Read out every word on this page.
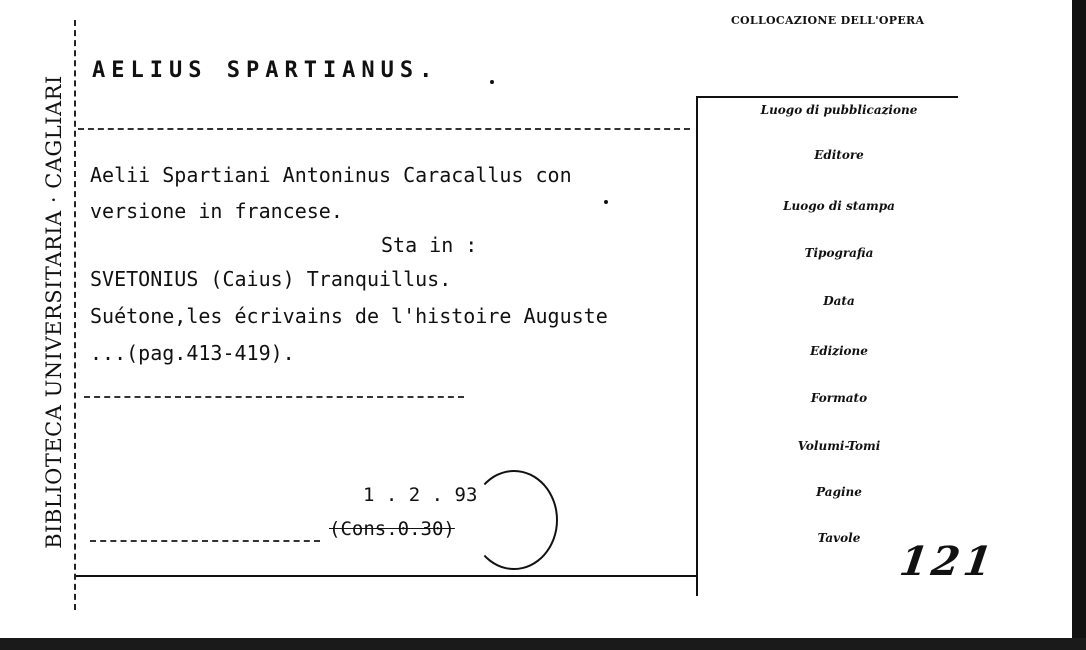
BIBLIOTECA UNIVERSITARIA · CAGLIARI
COLLOCAZIONE DELL'OPERA
AELIUS SPARTIANUS.
Aelii Spartiani Antoninus Caracallus con
versione in francese.
Sta in :
SVETONIUS (Caius) Tranquillus.
Suétone,les écrivains de l'histoire Auguste
...(pag.413-419).
1 . 2 . 93
(Cons.0.30)
Luogo di pubblicazione
Editore
Luogo di stampa
Tipografia
Data
Edizione
Formato
Volumi-Tomi
Pagine
Tavole 121
